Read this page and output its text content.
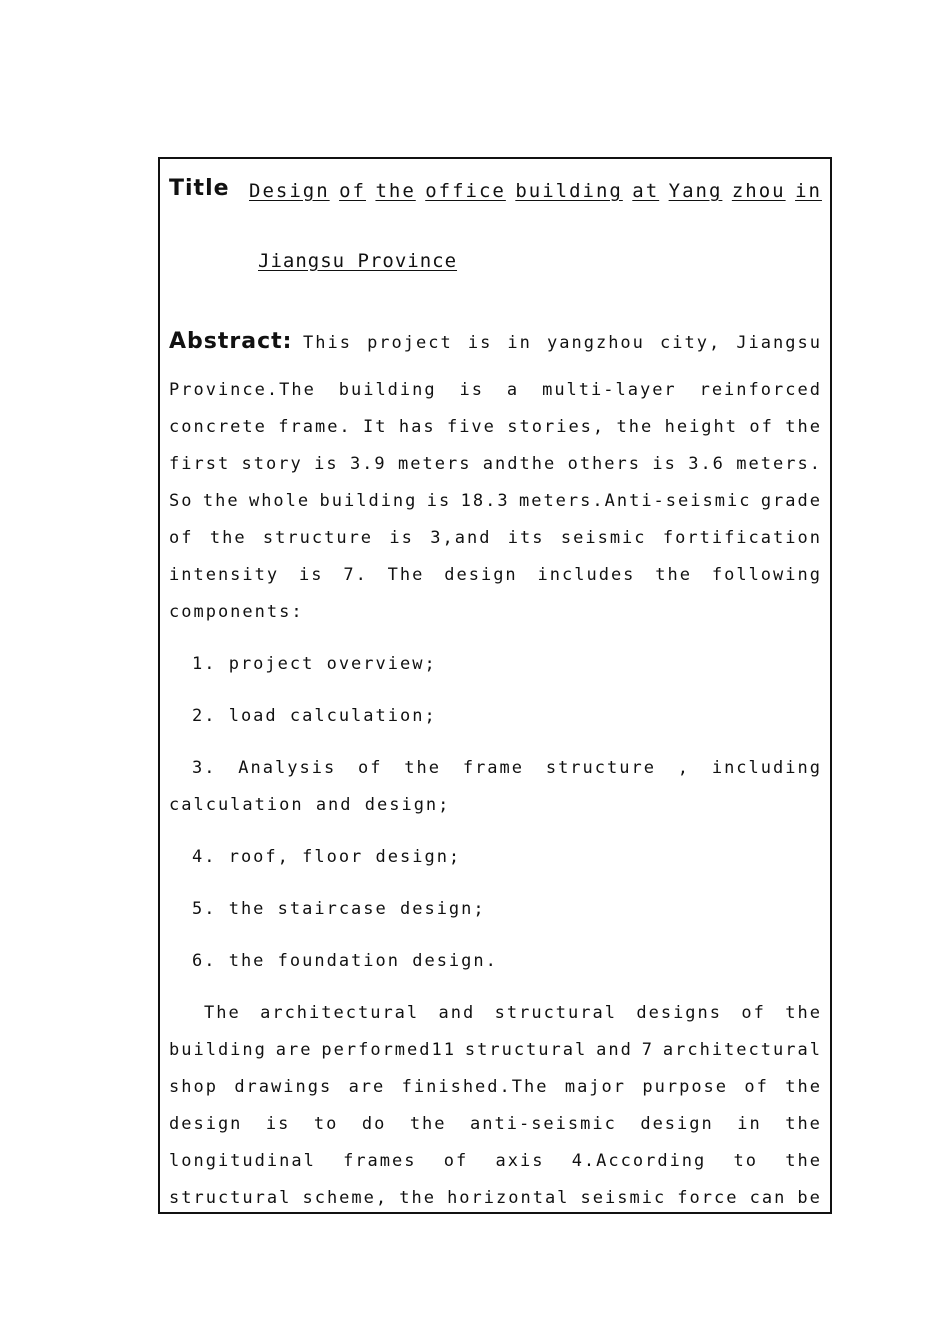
Title Design of the office building at Yang zhou in
Jiangsu Province
Abstract: This project is in yangzhou city, Jiangsu
Province.The building is a multi-layer reinforced
concrete frame. It has five stories, the height of the
first story is 3.9 meters andthe others is 3.6 meters.
So the whole building is 18.3 meters.Anti-seismic grade
of the structure is 3,and its seismic fortification
intensity is 7. The design includes the following
components:
1. project overview;
2. load calculation;
3. Analysis of the frame structure , including
calculation and design;
4. roof, floor design;
5. the staircase design;
6. the foundation design.
The architectural and structural designs of the
building are performed11 structural and 7 architectural
shop drawings are finished.The major purpose of the
design is to do the anti-seismic design in the
longitudinal frames of axis 4.According to the
structural scheme, the horizontal seismic force can be
